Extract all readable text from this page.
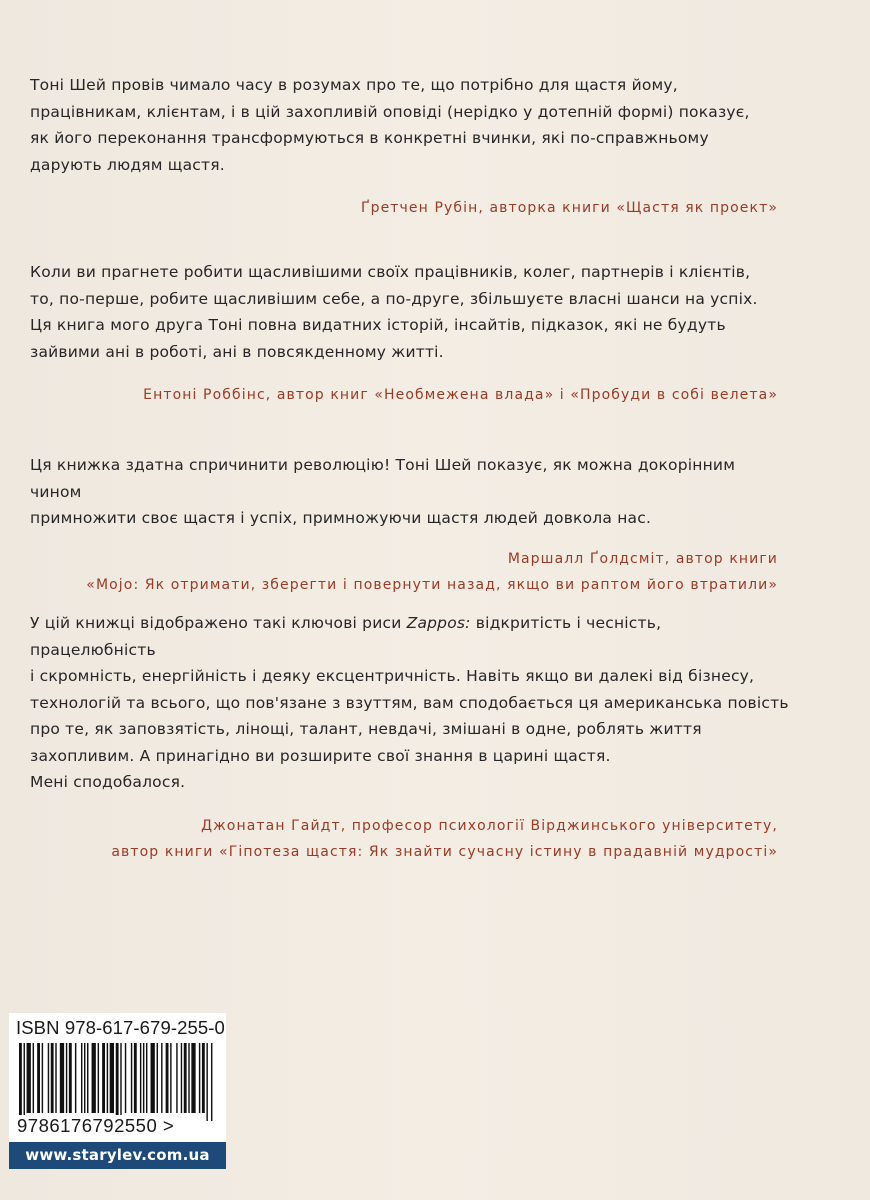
Тоні Шей провів чимало часу в розумах про те, що потрібно для щастя йому,

працівникам, клієнтам, і в цій захопливій оповіді (нерідко у дотепній формі) показує,

як його переконання трансформуються в конкретні вчинки, які по-справжньому

дарують людям щастя.

Ґретчен Рубін, авторка книги «Щастя як проект»

Коли ви прагнете робити щасливішими своїх працівників, колег, партнерів і клієнтів,

то, по-перше, робите щасливішим себе, а по-друге, збільшуєте власні шанси на успіх.

Ця книга мого друга Тоні повна видатних історій, інсайтів, підказок, які не будуть

зайвими ані в роботі, ані в повсякденному житті.

Ентоні Роббінс, автор книг «Необмежена влада» і «Пробуди в собі велета»

Ця книжка здатна спричинити революцію! Тоні Шей показує, як можна докорінним чином

примножити своє щастя і успіх, примножуючи щастя людей довкола нас.

Маршалл Ґолдсміт, автор книги
«Моjo: Як отримати, зберегти і повернути назад, якщо ви раптом його втратили»

У цій книжці відображено такі ключові риси Zappos: відкритість і чесність, працелюбність

і скромність, енергійність і деяку ексцентричність. Навіть якщо ви далекі від бізнесу,

технологій та всього, що пов'язане з взуттям, вам сподобається ця американська повість

про те, як заповзятість, лінощі, талант, невдачі, змішані в одне, роблять життя

захопливим. А принагідно ви розширите свої знання в царині щастя.

Мені сподобалося.

Джонатан Гайдт, професор психології Вірджинського університету,
автор книги «Гіпотеза щастя: Як знайти сучасну істину в прадавній мудрості»
ISBN 978-617-679-255-0
9786176792550 >
www.starylev.com.ua
